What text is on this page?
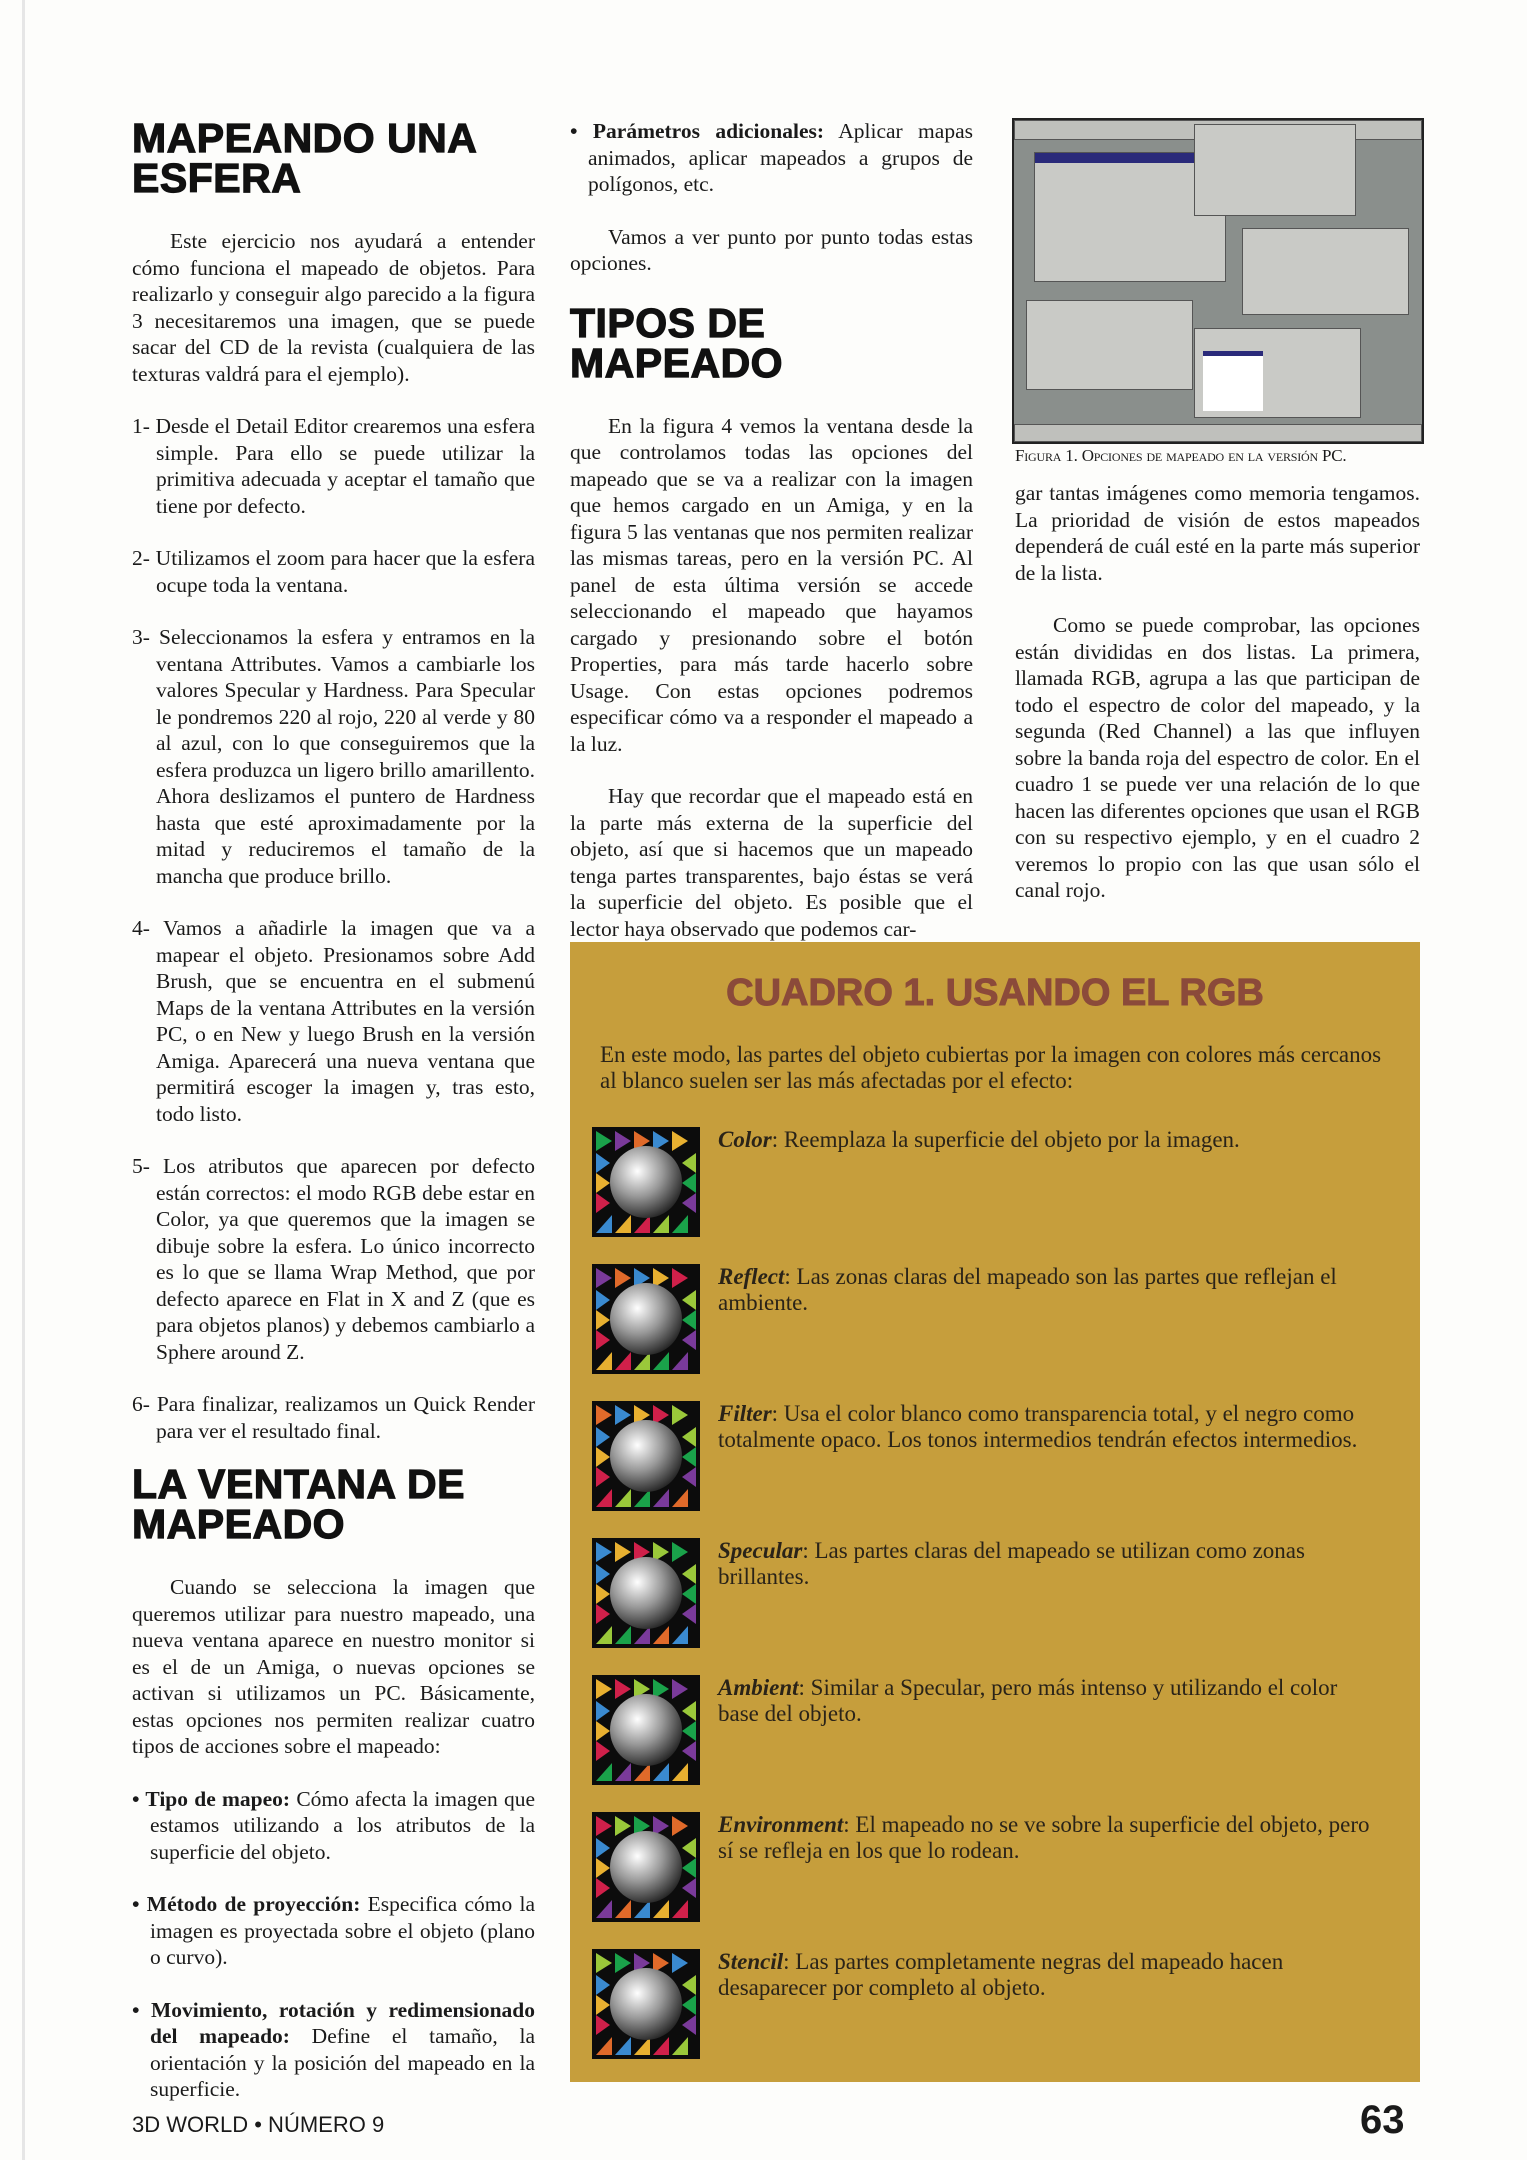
MAPEANDO UNA ESFERA

Este ejercicio nos ayudará a entender cómo funciona el mapeado de objetos. Para realizarlo y conseguir algo parecido a la figura 3 necesitaremos una imagen, que se puede sacar del CD de la revista (cualquiera de las texturas valdrá para el ejemplo).

1- Desde el Detail Editor crearemos una esfera simple. Para ello se puede utilizar la primitiva adecuada y aceptar el tamaño que tiene por defecto.

2- Utilizamos el zoom para hacer que la esfera ocupe toda la ventana.

3- Seleccionamos la esfera y entramos en la ventana Attributes. Vamos a cambiarle los valores Specular y Hardness. Para Specular le pondremos 220 al rojo, 220 al verde y 80 al azul, con lo que conseguiremos que la esfera produzca un ligero brillo amarillento. Ahora deslizamos el puntero de Hardness hasta que esté aproximadamente por la mitad y reduciremos el tamaño de la mancha que produce brillo.

4- Vamos a añadirle la imagen que va a mapear el objeto. Presionamos sobre Add Brush, que se encuentra en el submenú Maps de la ventana Attributes en la versión PC, o en New y luego Brush en la versión Amiga. Aparecerá una nueva ventana que permitirá escoger la imagen y, tras esto, todo listo.

5- Los atributos que aparecen por defecto están correctos: el modo RGB debe estar en Color, ya que queremos que la imagen se dibuje sobre la esfera. Lo único incorrecto es lo que se llama Wrap Method, que por defecto aparece en Flat in X and Z (que es para objetos planos) y debemos cambiarlo a Sphere around Z.

6- Para finalizar, realizamos un Quick Render para ver el resultado final.

LA VENTANA DE MAPEADO

Cuando se selecciona la imagen que queremos utilizar para nuestro mapeado, una nueva ventana aparece en nuestro monitor si es el de un Amiga, o nuevas opciones se activan si utilizamos un PC. Básicamente, estas opciones nos permiten realizar cuatro tipos de acciones sobre el mapeado:

• Tipo de mapeo: Cómo afecta la imagen que estamos utilizando a los atributos de la superficie del objeto.

• Método de proyección: Especifica cómo la imagen es proyectada sobre el objeto (plano o curvo).

• Movimiento, rotación y redimensionado del mapeado: Define el tamaño, la orientación y la posición del mapeado en la superficie.

• Parámetros adicionales: Aplicar mapas animados, aplicar mapeados a grupos de polígonos, etc.

Vamos a ver punto por punto todas estas opciones.

TIPOS DE MAPEADO

En la figura 4 vemos la ventana desde la que controlamos todas las opciones del mapeado que se va a realizar con la imagen que hemos cargado en un Amiga, y en la figura 5 las ventanas que nos permiten realizar las mismas tareas, pero en la versión PC. Al panel de esta última versión se accede seleccionando el mapeado que hayamos cargado y presionando sobre el botón Properties, para más tarde hacerlo sobre Usage. Con estas opciones podremos especificar cómo va a responder el mapeado a la luz.

Hay que recordar que el mapeado está en la parte más externa de la superficie del objeto, así que si hacemos que un mapeado tenga partes transparentes, bajo éstas se verá la superficie del objeto. Es posible que el lector haya observado que podemos car-

Figura 1. Opciones de mapeado en la versión PC.

gar tantas imágenes como memoria tengamos. La prioridad de visión de estos mapeados dependerá de cuál esté en la parte más superior de la lista.

Como se puede comprobar, las opciones están divididas en dos listas. La primera, llamada RGB, agrupa a las que participan de todo el espectro de color del mapeado, y la segunda (Red Channel) a las que influyen sobre la banda roja del espectro de color. En el cuadro 1 se puede ver una relación de lo que hacen las diferentes opciones que usan el RGB con su respectivo ejemplo, y en el cuadro 2 veremos lo propio con las que usan sólo el canal rojo.

CUADRO 1. USANDO EL RGB
En este modo, las partes del objeto cubiertas por la imagen con colores más cercanos al blanco suelen ser las más afectadas por el efecto:
Color: Reemplaza la superficie del objeto por la imagen.
Reflect: Las zonas claras del mapeado son las partes que reflejan el ambiente.
Filter: Usa el color blanco como transparencia total, y el negro como totalmente opaco. Los tonos intermedios tendrán efectos intermedios.
Specular: Las partes claras del mapeado se utilizan como zonas brillantes.
Ambient: Similar a Specular, pero más intenso y utilizando el color base del objeto.
Environment: El mapeado no se ve sobre la superficie del objeto, pero sí se refleja en los que lo rodean.
Stencil: Las partes completamente negras del mapeado hacen desaparecer por completo al objeto.
3D WORLD • NÚMERO 9	63
